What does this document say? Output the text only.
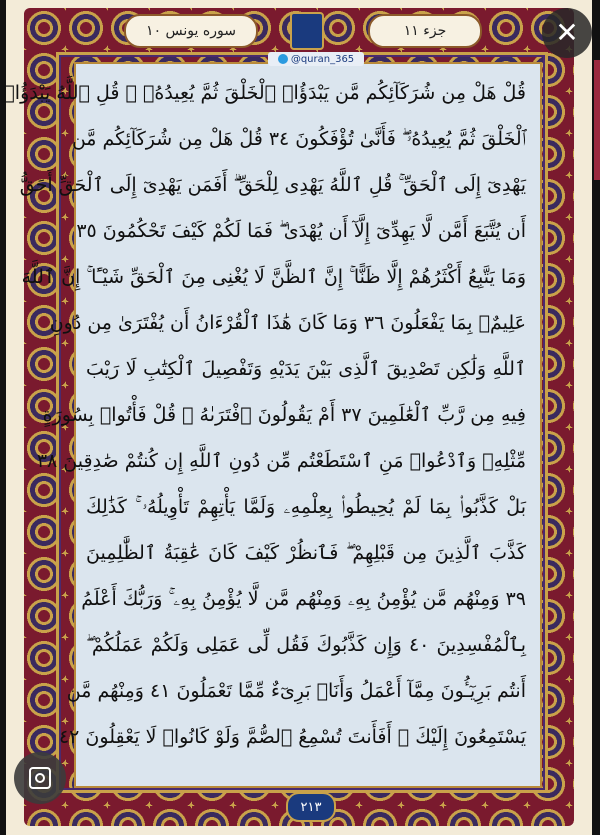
جزء ١١
سوره یونس ١٠
@quran_365
قُلْ هَلْ مِن شُرَكَآئِكُم مَّن يَبْدَؤُا۟ ٱلْخَلْقَ ثُمَّ يُعِيدُهُۥ ۚ قُلِ ٱللَّهُ يَبْدَؤُا۟
ٱلْخَلْقَ ثُمَّ يُعِيدُهُۥ ۖ فَأَنَّىٰ تُؤْفَكُونَ ٣٤ قُلْ هَلْ مِن شُرَكَآئِكُم مَّن
يَهْدِىٓ إِلَى ٱلْحَقِّ ۚ قُلِ ٱللَّهُ يَهْدِى لِلْحَقِّ ۗ أَفَمَن يَهْدِىٓ إِلَى ٱلْحَقِّ أَحَقُّ
أَن يُتَّبَعَ أَمَّن لَّا يَهِدِّىٓ إِلَّآ أَن يُهْدَىٰ ۖ فَمَا لَكُمْ كَيْفَ تَحْكُمُونَ ٣٥
وَمَا يَتَّبِعُ أَكْثَرُهُمْ إِلَّا ظَنًّا ۚ إِنَّ ٱلظَّنَّ لَا يُغْنِى مِنَ ٱلْحَقِّ شَيْـًٔا ۚ إِنَّ ٱللَّهَ
عَلِيمٌۢ بِمَا يَفْعَلُونَ ٣٦ وَمَا كَانَ هَٰذَا ٱلْقُرْءَانُ أَن يُفْتَرَىٰ مِن دُونِ
ٱللَّهِ وَلَٰكِن تَصْدِيقَ ٱلَّذِى بَيْنَ يَدَيْهِ وَتَفْصِيلَ ٱلْكِتَٰبِ لَا رَيْبَ
فِيهِ مِن رَّبِّ ٱلْعَٰلَمِينَ ٣٧ أَمْ يَقُولُونَ ٱفْتَرَىٰهُ ۖ قُلْ فَأْتُوا۟ بِسُورَةٍ
مِّثْلِهِۦ وَٱدْعُوا۟ مَنِ ٱسْتَطَعْتُم مِّن دُونِ ٱللَّهِ إِن كُنتُمْ صَٰدِقِينَ ٣٨
بَلْ كَذَّبُوا۟ بِمَا لَمْ يُحِيطُوا۟ بِعِلْمِهِۦ وَلَمَّا يَأْتِهِمْ تَأْوِيلُهُۥ ۚ كَذَٰلِكَ
كَذَّبَ ٱلَّذِينَ مِن قَبْلِهِمْ ۖ فَٱنظُرْ كَيْفَ كَانَ عَٰقِبَةُ ٱلظَّٰلِمِينَ
٣٩ وَمِنْهُم مَّن يُؤْمِنُ بِهِۦ وَمِنْهُم مَّن لَّا يُؤْمِنُ بِهِۦ ۚ وَرَبُّكَ أَعْلَمُ
بِٱلْمُفْسِدِينَ ٤٠ وَإِن كَذَّبُوكَ فَقُل لِّى عَمَلِى وَلَكُمْ عَمَلُكُمْ ۖ
أَنتُم بَرِيٓـُٔونَ مِمَّآ أَعْمَلُ وَأَنَا۠ بَرِىٓءٌ مِّمَّا تَعْمَلُونَ ٤١ وَمِنْهُم مَّن
يَسْتَمِعُونَ إِلَيْكَ ۚ أَفَأَنتَ تُسْمِعُ ٱلصُّمَّ وَلَوْ كَانُوا۟ لَا يَعْقِلُونَ ٤٢
٢١٣
✕
